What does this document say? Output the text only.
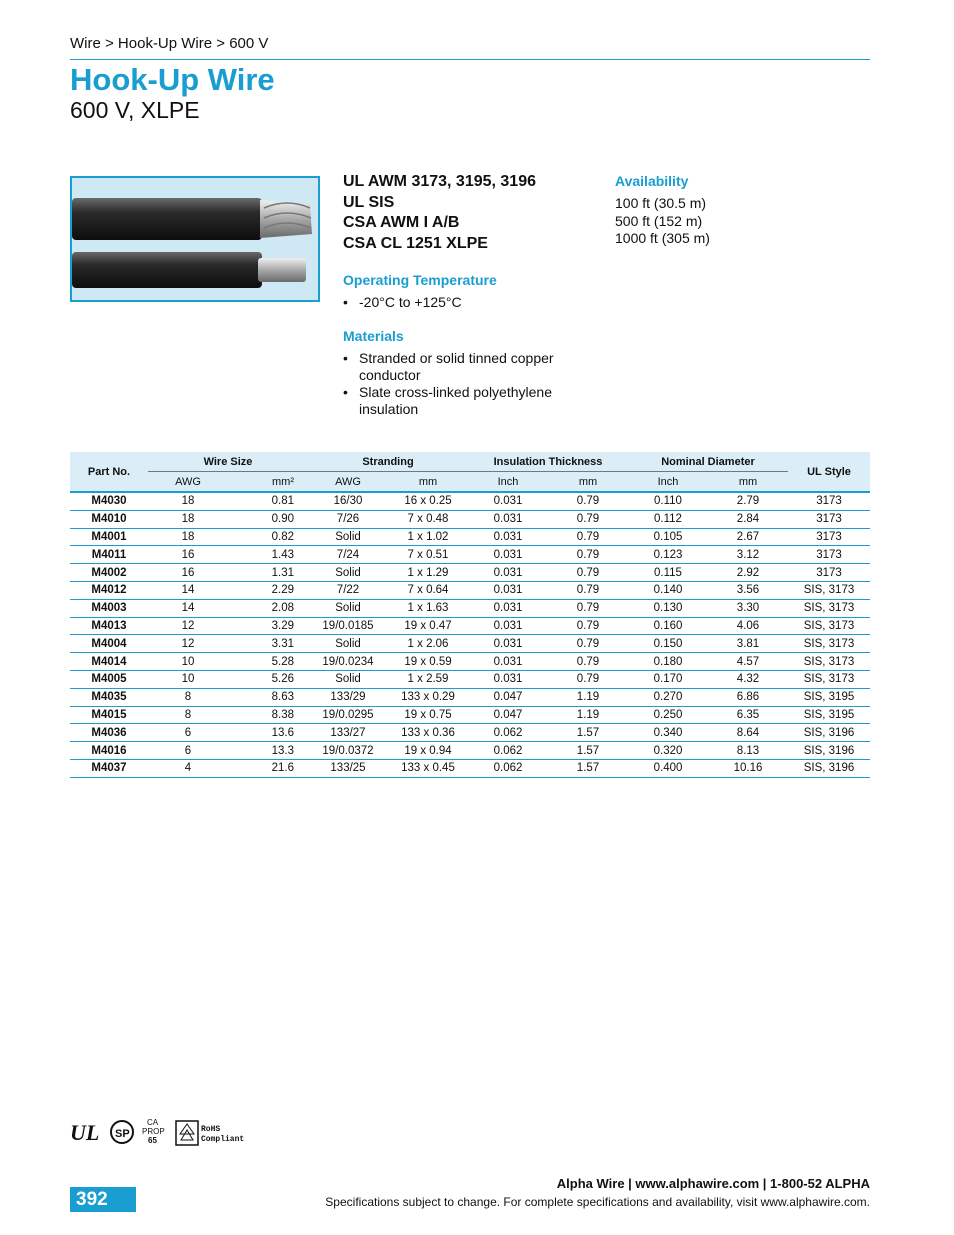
Wire > Hook-Up Wire > 600 V
Hook-Up Wire
600 V, XLPE
UL AWM 3173, 3195, 3196
UL SIS
CSA AWM I A/B
CSA CL 1251 XLPE
Operating Temperature
• -20°C to +125°C
Materials
• Stranded or solid tinned copper conductor
• Slate cross-linked polyethylene insulation
Availability
100 ft (30.5 m)
500 ft (152 m)
1000 ft (305 m)
Part No.	Wire Size		Stranding		Insulation Thickness		Nominal Diameter		UL Style
	AWG	mm²	AWG	mm	Inch	mm	Inch	mm	
M4030	18	0.81	16/30	16 x 0.25	0.031	0.79	0.110	2.79	3173
M4010	18	0.90	7/26	7 x 0.48	0.031	0.79	0.112	2.84	3173
M4001	18	0.82	Solid	1 x 1.02	0.031	0.79	0.105	2.67	3173
M4011	16	1.43	7/24	7 x 0.51	0.031	0.79	0.123	3.12	3173
M4002	16	1.31	Solid	1 x 1.29	0.031	0.79	0.115	2.92	3173
M4012	14	2.29	7/22	7 x 0.64	0.031	0.79	0.140	3.56	SIS, 3173
M4003	14	2.08	Solid	1 x 1.63	0.031	0.79	0.130	3.30	SIS, 3173
M4013	12	3.29	19/0.0185	19 x 0.47	0.031	0.79	0.160	4.06	SIS, 3173
M4004	12	3.31	Solid	1 x 2.06	0.031	0.79	0.150	3.81	SIS, 3173
M4014	10	5.28	19/0.0234	19 x 0.59	0.031	0.79	0.180	4.57	SIS, 3173
M4005	10	5.26	Solid	1 x 2.59	0.031	0.79	0.170	4.32	SIS, 3173
M4035	8	8.63	133/29	133 x 0.29	0.047	1.19	0.270	6.86	SIS, 3195
M4015	8	8.38	19/0.0295	19 x 0.75	0.047	1.19	0.250	6.35	SIS, 3195
M4036	6	13.6	133/27	133 x 0.36	0.062	1.57	0.340	8.64	SIS, 3196
M4016	6	13.3	19/0.0372	19 x 0.94	0.062	1.57	0.320	8.13	SIS, 3196
M4037	4	21.6	133/25	133 x 0.45	0.062	1.57	0.400	10.16	SIS, 3196
UL SP
CA
PROP
65
RoHS
Compliant
Alpha Wire | www.alphawire.com | 1-800-52 ALPHA
392	Specifications subject to change. For complete specifications and availability, visit www.alphawire.com.
